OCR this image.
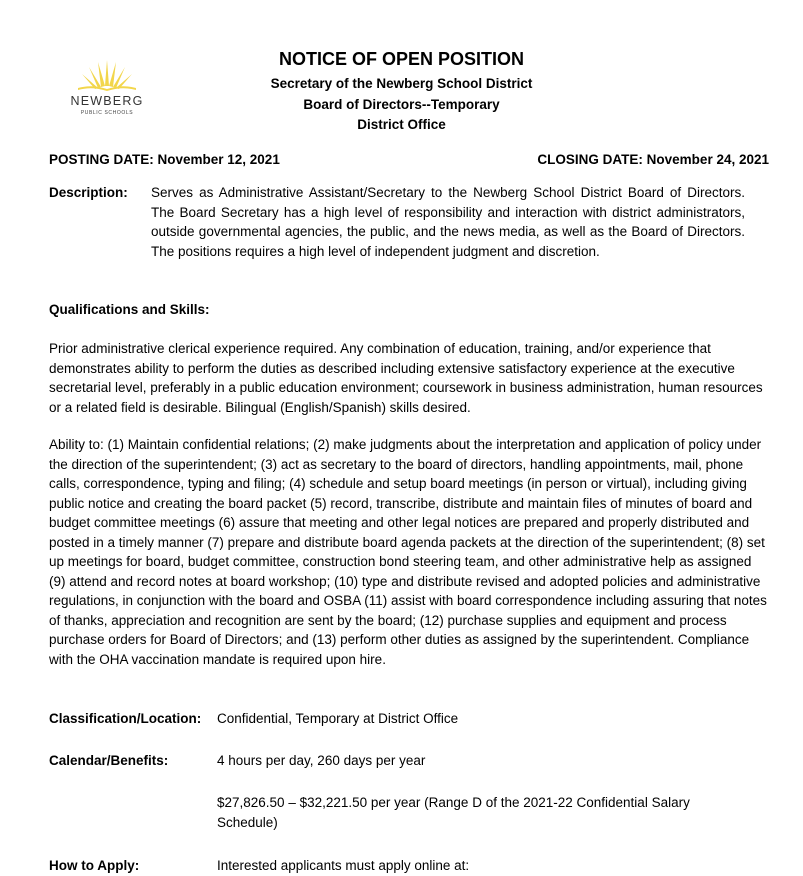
NEWBERG
PUBLIC SCHOOLS
NOTICE OF OPEN POSITION
Secretary of the Newberg School District
Board of Directors--Temporary
District Office
POSTING DATE: November 12, 2021	CLOSING DATE: November 24, 2021
Description: Serves as Administrative Assistant/Secretary to the Newberg School District Board of Directors. The Board Secretary has a high level of responsibility and interaction with district administrators, outside governmental agencies, the public, and the news media, as well as the Board of Directors. The positions requires a high level of independent judgment and discretion.
Qualifications and Skills:
Prior administrative clerical experience required. Any combination of education, training, and/or experience that demonstrates ability to perform the duties as described including extensive satisfactory experience at the executive secretarial level, preferably in a public education environment; coursework in business administration, human resources or a related field is desirable. Bilingual (English/Spanish) skills desired.
Ability to: (1) Maintain confidential relations; (2) make judgments about the interpretation and application of policy under the direction of the superintendent; (3) act as secretary to the board of directors, handling appointments, mail, phone calls, correspondence, typing and filing; (4) schedule and setup board meetings (in person or virtual), including giving public notice and creating the board packet (5) record, transcribe, distribute and maintain files of minutes of board and budget committee meetings (6) assure that meeting and other legal notices are prepared and properly distributed and posted in a timely manner (7) prepare and distribute board agenda packets at the direction of the superintendent; (8) set up meetings for board, budget committee, construction bond steering team, and other administrative help as assigned (9) attend and record notes at board workshop; (10) type and distribute revised and adopted policies and administrative regulations, in conjunction with the board and OSBA (11) assist with board correspondence including assuring that notes of thanks, appreciation and recognition are sent by the board; (12) purchase supplies and equipment and process purchase orders for Board of Directors; and (13) perform other duties as assigned by the superintendent. Compliance with the OHA vaccination mandate is required upon hire.
Classification/Location: Confidential, Temporary at District Office
Calendar/Benefits:	4 hours per day, 260 days per year
$27,826.50 – $32,221.50 per year (Range D of the 2021-22 Confidential Salary Schedule)
How to Apply:	Interested applicants must apply online at:
